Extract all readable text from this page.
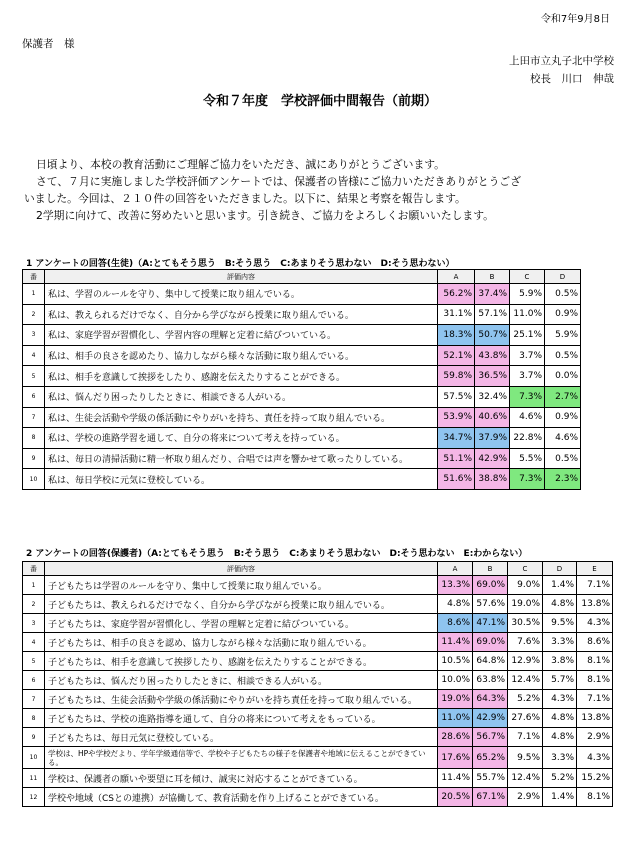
令和7年9月8日
保護者　様
上田市立丸子北中学校
校長　川口　伸哉
令和７年度　学校評価中間報告（前期）

日頃より、本校の教育活動にご理解ご協力をいただき、誠にありがとうございます。

さて、７月に実施しました学校評価アンケートでは、保護者の皆様にご協力いただきありがとうござ

いました。今回は、２１０件の回答をいただきました。以下に、結果と考察を報告します。

2学期に向けて、改善に努めたいと思います。引き続き、ご協力をよろしくお願いいたします。

1 アンケートの回答(生徒)（A:とてもそう思う　B:そう思う　C:あまりそう思わない　D:そう思わない）
番	評価内容	A	B	C	D
1	私は、学習のルールを守り、集中して授業に取り組んでいる。	56.2%	37.4%	5.9%	0.5%
2	私は、教えられるだけでなく、自分から学びながら授業に取り組んでいる。	31.1%	57.1%	11.0%	0.9%
3	私は、家庭学習が習慣化し、学習内容の理解と定着に結びついている。	18.3%	50.7%	25.1%	5.9%
4	私は、相手の良さを認めたり、協力しながら様々な活動に取り組んでいる。	52.1%	43.8%	3.7%	0.5%
5	私は、相手を意識して挨拶をしたり、感謝を伝えたりすることができる。	59.8%	36.5%	3.7%	0.0%
6	私は、悩んだり困ったりしたときに、相談できる人がいる。	57.5%	32.4%	7.3%	2.7%
7	私は、生徒会活動や学級の係活動にやりがいを持ち、責任を持って取り組んでいる。	53.9%	40.6%	4.6%	0.9%
8	私は、学校の進路学習を通して、自分の将来について考えを持っている。	34.7%	37.9%	22.8%	4.6%
9	私は、毎日の清掃活動に精一杯取り組んだり、合唱では声を響かせて歌ったりしている。	51.1%	42.9%	5.5%	0.5%
10	私は、毎日学校に元気に登校している。	51.6%	38.8%	7.3%	2.3%
2 アンケートの回答(保護者)（A:とてもそう思う　B:そう思う　C:あまりそう思わない　D:そう思わない　E:わからない）
番	評価内容	A	B	C	D	E
1	子どもたちは学習のルールを守り、集中して授業に取り組んでいる。	13.3%	69.0%	9.0%	1.4%	7.1%
2	子どもたちは、教えられるだけでなく、自分から学びながら授業に取り組んでいる。	4.8%	57.6%	19.0%	4.8%	13.8%
3	子どもたちは、家庭学習が習慣化し、学習の理解と定着に結びついている。	8.6%	47.1%	30.5%	9.5%	4.3%
4	子どもたちは、相手の良さを認め、協力しながら様々な活動に取り組んでいる。	11.4%	69.0%	7.6%	3.3%	8.6%
5	子どもたちは、相手を意識して挨拶したり、感謝を伝えたりすることができる。	10.5%	64.8%	12.9%	3.8%	8.1%
6	子どもたちは、悩んだり困ったりしたときに、相談できる人がいる。	10.0%	63.8%	12.4%	5.7%	8.1%
7	子どもたちは、生徒会活動や学級の係活動にやりがいを持ち責任を持って取り組んでいる。	19.0%	64.3%	5.2%	4.3%	7.1%
8	子どもたちは、学校の進路指導を通して、自分の将来について考えをもっている。	11.0%	42.9%	27.6%	4.8%	13.8%
9	子どもたちは、毎日元気に登校している。	28.6%	56.7%	7.1%	4.8%	2.9%
10	学校は、HPや学校だより、学年学級通信等で、学校や子どもたちの様子を保護者や地域に伝えることができている。	17.6%	65.2%	9.5%	3.3%	4.3%
11	学校は、保護者の願いや要望に耳を傾け、誠実に対応することができている。	11.4%	55.7%	12.4%	5.2%	15.2%
12	学校や地域（CSとの連携）が協働して、教育活動を作り上げることができている。	20.5%	67.1%	2.9%	1.4%	8.1%
